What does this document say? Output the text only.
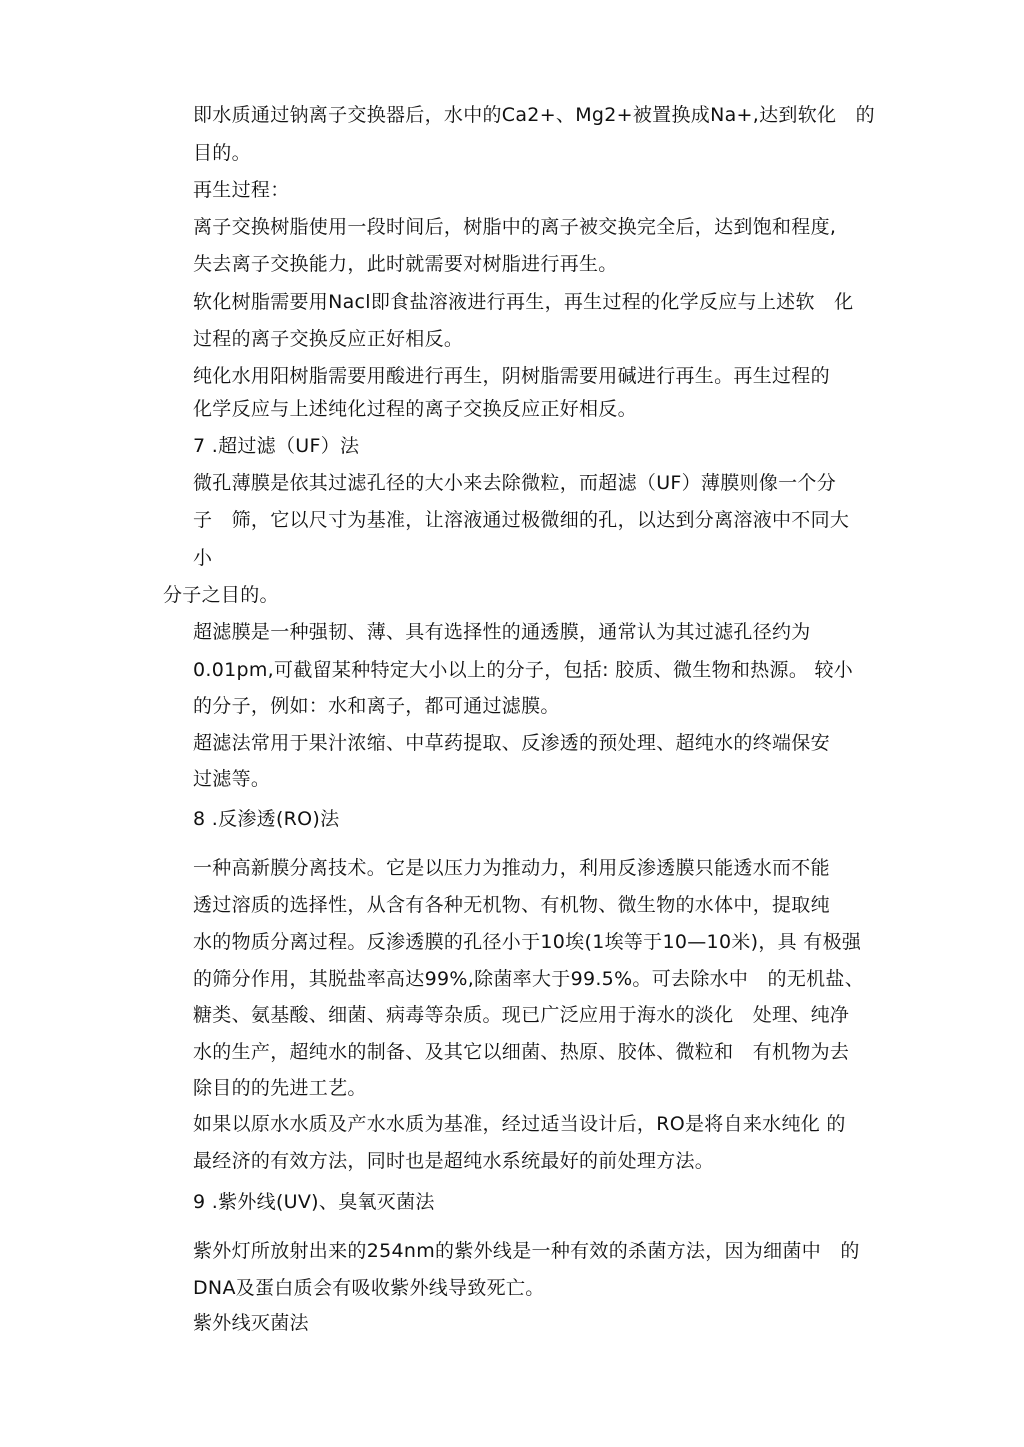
即水质通过钠离子交换器后，水中的Ca2+、Mg2+被置换成Na+,达到软化　的
目的。
再生过程：
离子交换树脂使用一段时间后，树脂中的离子被交换完全后，达到饱和程度,
失去离子交换能力，此时就需要对树脂进行再生。
软化树脂需要用Nacl即食盐溶液进行再生，再生过程的化学反应与上述软　化
过程的离子交换反应正好相反。
纯化水用阳树脂需要用酸进行再生，阴树脂需要用碱进行再生。再生过程的
化学反应与上述纯化过程的离子交换反应正好相反。
7 .超过滤（UF）法
微孔薄膜是依其过滤孔径的大小来去除微粒，而超滤（UF）薄膜则像一个分
子　筛，它以尺寸为基准，让溶液通过极微细的孔，以达到分离溶液中不同大
小
分子之目的。
超滤膜是一种强韧、薄、具有选择性的通透膜，通常认为其过滤孔径约为
0.01pm,可截留某种特定大小以上的分子，包括: 胶质、微生物和热源。 较小
的分子，例如：水和离子，都可通过滤膜。
超滤法常用于果汁浓缩、中草药提取、反渗透的预处理、超纯水的终端保安
过滤等。
8 .反渗透(RO)法
一种高新膜分离技术。它是以压力为推动力，利用反渗透膜只能透水而不能
透过溶质的选择性，从含有各种无机物、有机物、微生物的水体中，提取纯
水的物质分离过程。反渗透膜的孔径小于10埃(1埃等于10—10米)，具 有极强
的筛分作用，其脱盐率高达99%,除菌率大于99.5%。可去除水中　的无机盐、
糖类、氨基酸、细菌、病毒等杂质。现已广泛应用于海水的淡化　处理、纯净
水的生产，超纯水的制备、及其它以细菌、热原、胶体、微粒和　有机物为去
除目的的先进工艺。
如果以原水水质及产水水质为基准，经过适当设计后，RO是将自来水纯化 的
最经济的有效方法，同时也是超纯水系统最好的前处理方法。
9 .紫外线(UV)、臭氧灭菌法
紫外灯所放射出来的254nm的紫外线是一种有效的杀菌方法，因为细菌中　的
DNA及蛋白质会有吸收紫外线导致死亡。
紫外线灭菌法
